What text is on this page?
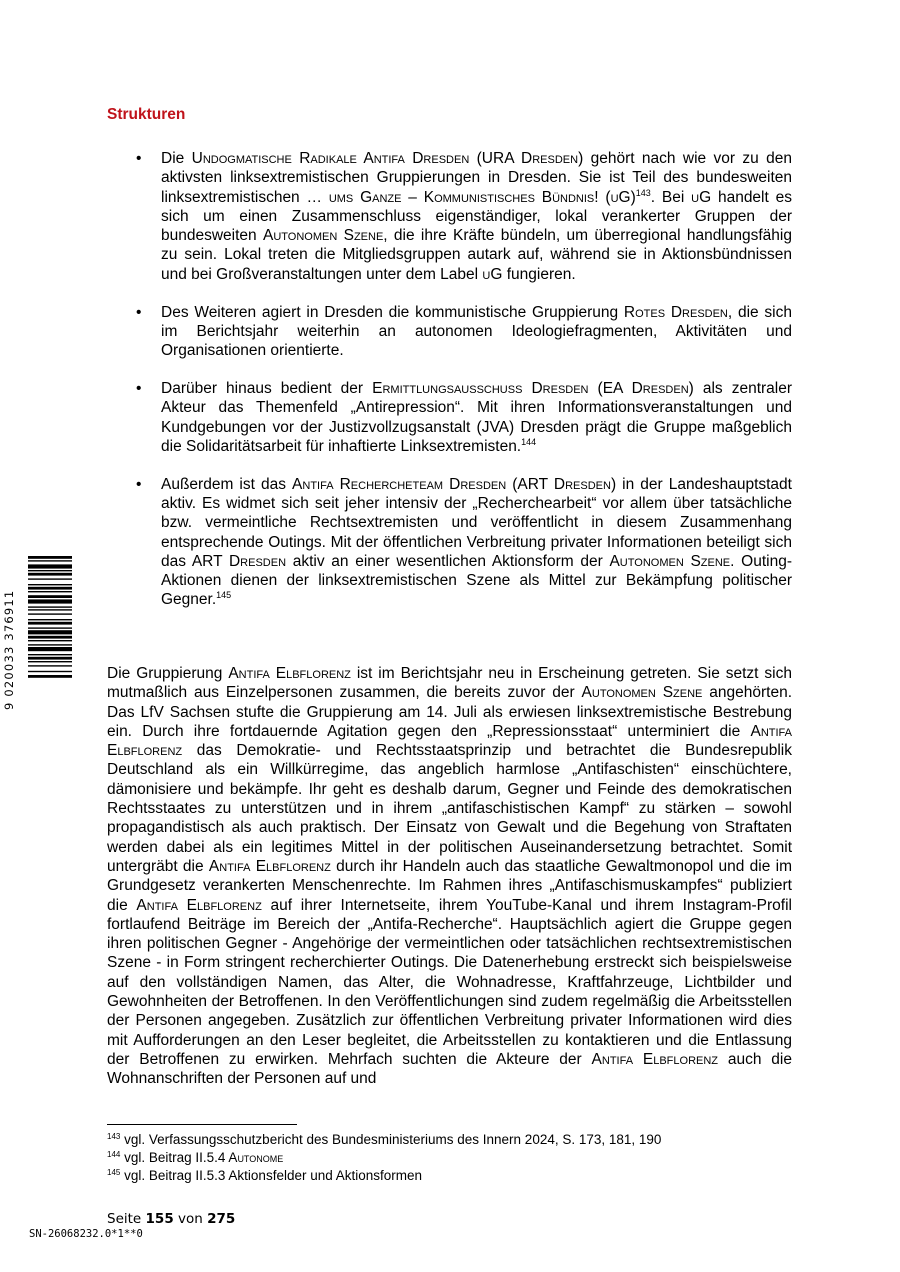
Strukturen
• Die Undogmatische Radikale Antifa Dresden (URA Dresden) gehört nach wie vor zu den aktivsten linksextremistischen Gruppierungen in Dresden. Sie ist Teil des bundesweiten linksextremistischen … ums Ganze – Kommunistisches Bündnis! (uG)$^{143}$. Bei uG handelt es sich um einen Zusammenschluss eigenständiger, lokal verankerter Gruppen der bundesweiten Autonomen Szene, die ihre Kräfte bündeln, um überregional handlungsfähig zu sein. Lokal treten die Mitgliedsgruppen autark auf, während sie in Aktionsbündnissen und bei Großveranstaltungen unter dem Label uG fungieren.

• Des Weiteren agiert in Dresden die kommunistische Gruppierung Rotes Dresden, die sich im Berichtsjahr weiterhin an autonomen Ideologiefragmenten, Aktivitäten und Organisationen orientierte.

• Darüber hinaus bedient der Ermittlungsausschuss Dresden (EA Dresden) als zentraler Akteur das Themenfeld „Antirepression“. Mit ihren Informationsveranstaltungen und Kundgebungen vor der Justizvollzugsanstalt (JVA) Dresden prägt die Gruppe maßgeblich die Solidaritätsarbeit für inhaftierte Linksextremisten.$^{144}$

• Außerdem ist das Antifa Rechercheteam Dresden (ART Dresden) in der Landeshauptstadt aktiv. Es widmet sich seit jeher intensiv der „Recherchearbeit“ vor allem über tatsächliche bzw. vermeintliche Rechtsextremisten und veröffentlicht in diesem Zusammenhang entsprechende Outings. Mit der öffentlichen Verbreitung privater Informationen beteiligt sich das ART Dresden aktiv an einer wesentlichen Aktionsform der Autonomen Szene. Outing-Aktionen dienen der linksextremistischen Szene als Mittel zur Bekämpfung politischer Gegner.$^{145}$

Die Gruppierung Antifa Elbflorenz ist im Berichtsjahr neu in Erscheinung getreten. Sie setzt sich mutmaßlich aus Einzelpersonen zusammen, die bereits zuvor der Autonomen Szene angehörten. Das LfV Sachsen stufte die Gruppierung am 14. Juli als erwiesen linksextremistische Bestrebung ein. Durch ihre fortdauernde Agitation gegen den „Repressionsstaat“ unterminiert die Antifa Elbflorenz das Demokratie- und Rechtsstaatsprinzip und betrachtet die Bundesrepublik Deutschland als ein Willkürregime, das angeblich harmlose „Antifaschisten“ einschüchtere, dämonisiere und bekämpfe. Ihr geht es deshalb darum, Gegner und Feinde des demokratischen Rechtsstaates zu unterstützen und in ihrem „antifaschistischen Kampf“ zu stärken – sowohl propagandistisch als auch praktisch. Der Einsatz von Gewalt und die Begehung von Straftaten werden dabei als ein legitimes Mittel in der politischen Auseinandersetzung betrachtet. Somit untergräbt die Antifa Elbflorenz durch ihr Handeln auch das staatliche Gewaltmonopol und die im Grundgesetz verankerten Menschenrechte. Im Rahmen ihres „Antifaschismuskampfes“ publiziert die Antifa Elbflorenz auf ihrer Internetseite, ihrem YouTube-Kanal und ihrem Instagram-Profil fortlaufend Beiträge im Bereich der „Antifa-Recherche“. Hauptsächlich agiert die Gruppe gegen ihren politischen Gegner - Angehörige der vermeintlichen oder tatsächlichen rechtsextremistischen Szene - in Form stringent recherchierter Outings. Die Datenerhebung erstreckt sich beispielsweise auf den vollständigen Namen, das Alter, die Wohnadresse, Kraftfahrzeuge, Lichtbilder und Gewohnheiten der Betroffenen. In den Veröffentlichungen sind zudem regelmäßig die Arbeitsstellen der Personen angegeben. Zusätzlich zur öffentlichen Verbreitung privater Informationen wird dies mit Aufforderungen an den Leser begleitet, die Arbeitsstellen zu kontaktieren und die Entlassung der Betroffenen zu erwirken. Mehrfach suchten die Akteure der Antifa Elbflorenz auch die Wohnanschriften der Personen auf und

$^{143}$ vgl. Verfassungsschutzbericht des Bundesministeriums des Innern 2024, S. 173, 181, 190

$^{144}$ vgl. Beitrag II.5.4 Autonome

$^{145}$ vgl. Beitrag II.5.3 Aktionsfelder und Aktionsformen

Seite 155 von 275
SN-26068232.0*1**0
9 020033 376911
